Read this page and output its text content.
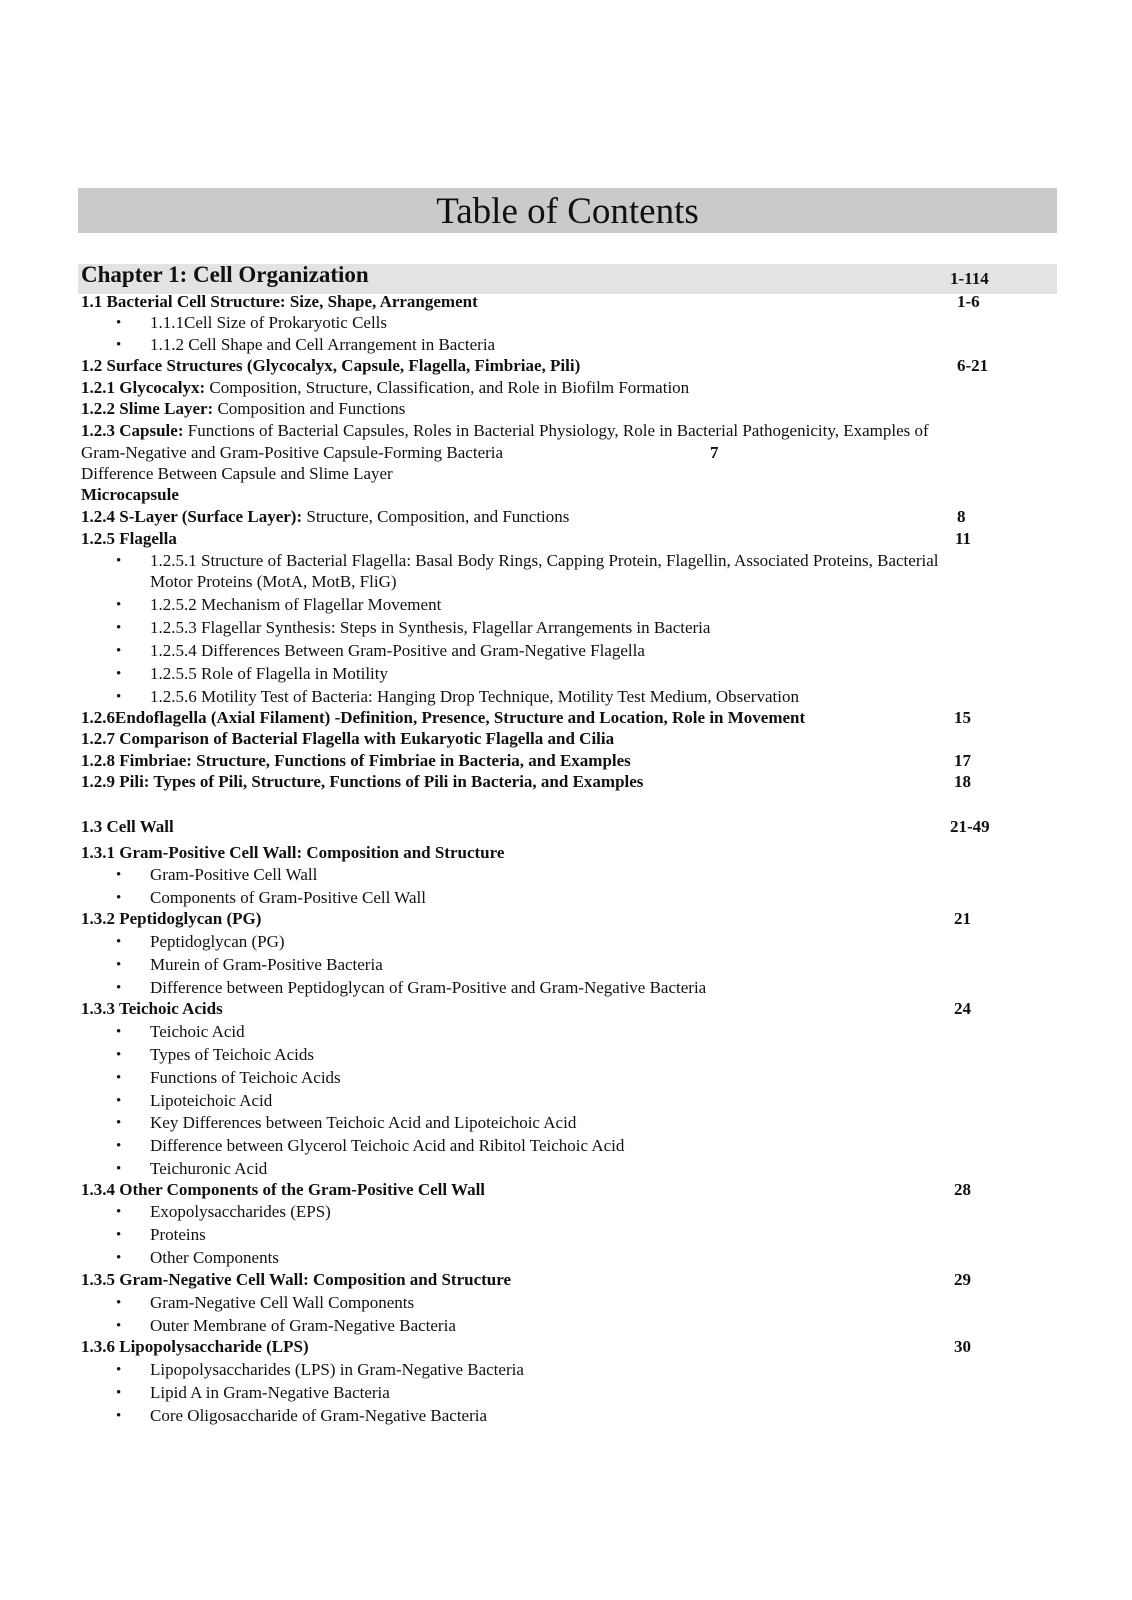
Table of Contents
Chapter 1: Cell Organization	1-114
1.1 Bacterial Cell Structure: Size, Shape, Arrangement	1-6
• 1.1.1Cell Size of Prokaryotic Cells
• 1.1.2 Cell Shape and Cell Arrangement in Bacteria
1.2 Surface Structures (Glycocalyx, Capsule, Flagella, Fimbriae, Pili)	6-21
1.2.1 Glycocalyx: Composition, Structure, Classification, and Role in Biofilm Formation
1.2.2 Slime Layer: Composition and Functions
1.2.3 Capsule: Functions of Bacterial Capsules, Roles in Bacterial Physiology, Role in Bacterial Pathogenicity, Examples of
Gram-Negative and Gram-Positive Capsule-Forming Bacteria	7
Difference Between Capsule and Slime Layer
Microcapsule
1.2.4 S-Layer (Surface Layer): Structure, Composition, and Functions	8
1.2.5 Flagella	11
• 1.2.5.1 Structure of Bacterial Flagella: Basal Body Rings, Capping Protein, Flagellin, Associated Proteins, Bacterial
Motor Proteins (MotA, MotB, FliG)
• 1.2.5.2 Mechanism of Flagellar Movement
• 1.2.5.3 Flagellar Synthesis: Steps in Synthesis, Flagellar Arrangements in Bacteria
• 1.2.5.4 Differences Between Gram-Positive and Gram-Negative Flagella
• 1.2.5.5 Role of Flagella in Motility
• 1.2.5.6 Motility Test of Bacteria: Hanging Drop Technique, Motility Test Medium, Observation
1.2.6Endoflagella (Axial Filament) -Definition, Presence, Structure and Location, Role in Movement	15
1.2.7 Comparison of Bacterial Flagella with Eukaryotic Flagella and Cilia
1.2.8 Fimbriae: Structure, Functions of Fimbriae in Bacteria, and Examples	17
1.2.9 Pili: Types of Pili, Structure, Functions of Pili in Bacteria, and Examples	18
1.3 Cell Wall	21-49
1.3.1 Gram-Positive Cell Wall: Composition and Structure
• Gram-Positive Cell Wall
• Components of Gram-Positive Cell Wall
1.3.2 Peptidoglycan (PG)	21
• Peptidoglycan (PG)
• Murein of Gram-Positive Bacteria
• Difference between Peptidoglycan of Gram-Positive and Gram-Negative Bacteria
1.3.3 Teichoic Acids	24
• Teichoic Acid
• Types of Teichoic Acids
• Functions of Teichoic Acids
• Lipoteichoic Acid
• Key Differences between Teichoic Acid and Lipoteichoic Acid
• Difference between Glycerol Teichoic Acid and Ribitol Teichoic Acid
• Teichuronic Acid
1.3.4 Other Components of the Gram-Positive Cell Wall	28
• Exopolysaccharides (EPS)
• Proteins
• Other Components
1.3.5 Gram-Negative Cell Wall: Composition and Structure	29
• Gram-Negative Cell Wall Components
• Outer Membrane of Gram-Negative Bacteria
1.3.6 Lipopolysaccharide (LPS)	30
• Lipopolysaccharides (LPS) in Gram-Negative Bacteria
• Lipid A in Gram-Negative Bacteria
• Core Oligosaccharide of Gram-Negative Bacteria
